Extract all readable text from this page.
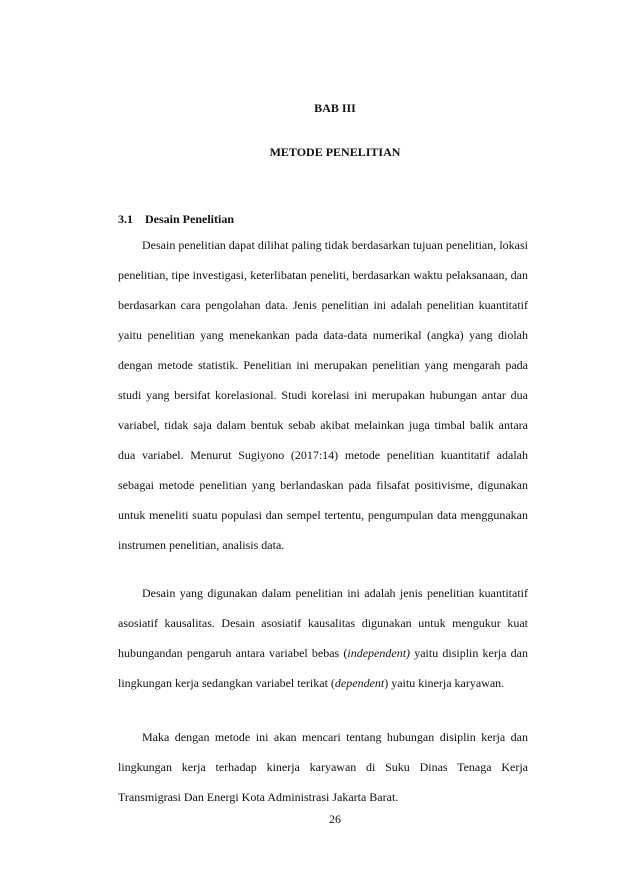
BAB III
METODE PENELITIAN
3.1 Desain Penelitian

Desain penelitian dapat dilihat paling tidak berdasarkan tujuan penelitian, lokasi penelitian, tipe investigasi, keterlibatan peneliti, berdasarkan waktu pelaksanaan, dan berdasarkan cara pengolahan data. Jenis penelitian ini adalah penelitian kuantitatif yaitu penelitian yang menekankan pada data-data numerikal (angka) yang diolah dengan metode statistik. Penelitian ini merupakan penelitian yang mengarah pada studi yang bersifat korelasional. Studi korelasi ini merupakan hubungan antar dua variabel, tidak saja dalam bentuk sebab akibat melainkan juga timbal balik antara dua variabel. Menurut Sugiyono (2017:14) metode penelitian kuantitatif adalah sebagai metode penelitian yang berlandaskan pada filsafat positivisme, digunakan untuk meneliti suatu populasi dan sempel tertentu, pengumpulan data menggunakan instrumen penelitian, analisis data.

Desain yang digunakan dalam penelitian ini adalah jenis penelitian kuantitatif asosiatif kausalitas. Desain asosiatif kausalitas digunakan untuk mengukur kuat hubungandan pengaruh antara variabel bebas (independent) yaitu disiplin kerja dan lingkungan kerja sedangkan variabel terikat (dependent) yaitu kinerja karyawan.

Maka dengan metode ini akan mencari tentang hubungan disiplin kerja dan lingkungan kerja terhadap kinerja karyawan di Suku Dinas Tenaga Kerja Transmigrasi Dan Energi Kota Administrasi Jakarta Barat.

26
